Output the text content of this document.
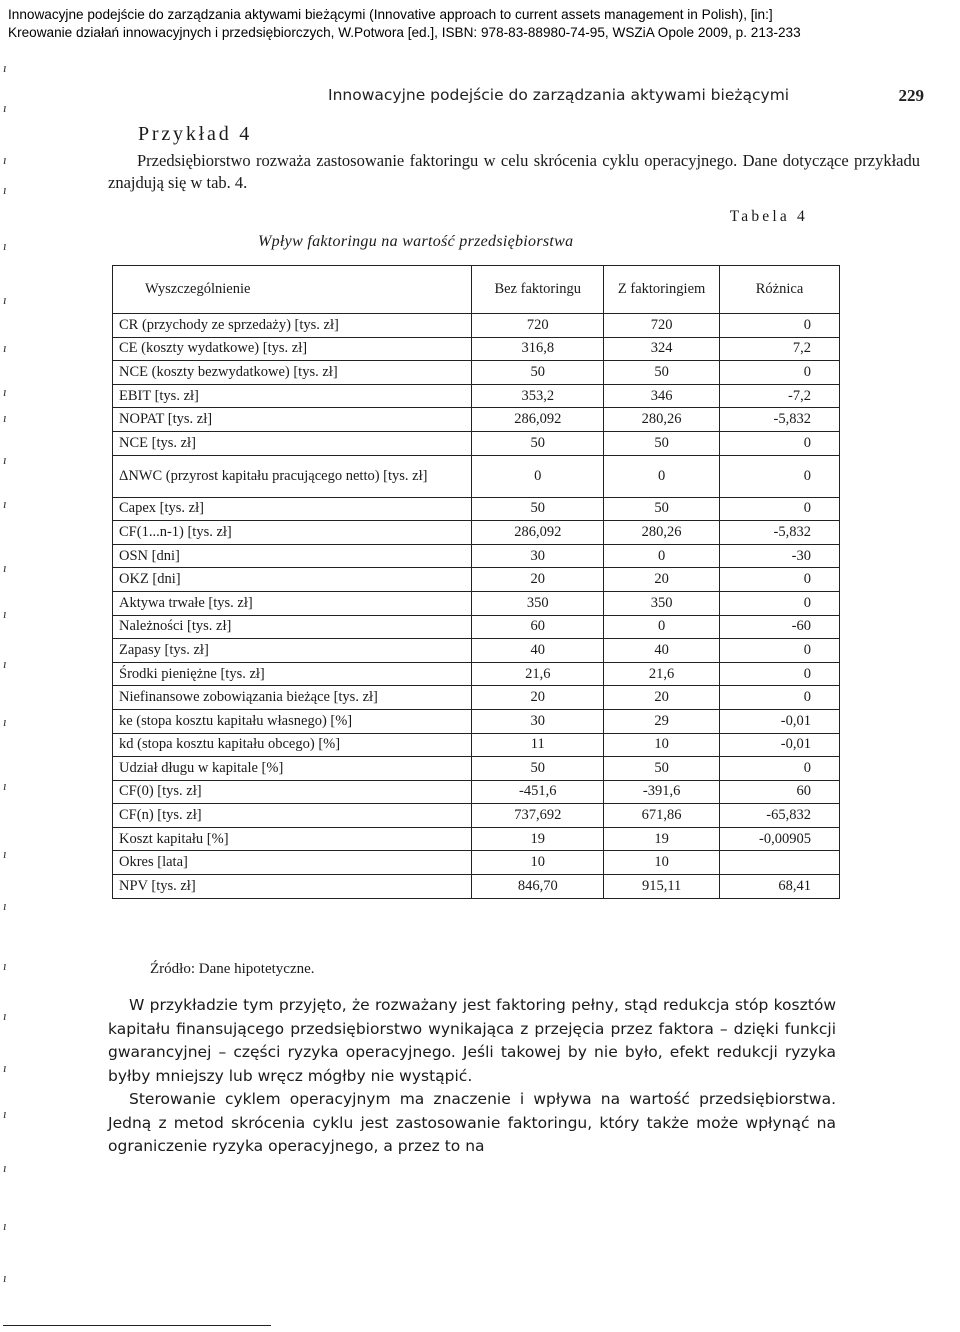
Innowacyjne podejście do zarządzania aktywami bieżącymi (Innovative approach to current assets management in Polish), [in:]
Kreowanie działań innowacyjnych i przedsiębiorczych, W.Potwora [ed.], ISBN: 978-83-88980-74-95, WSZiA Opole 2009, p. 213-233
ı
ı
ı
ı
ı
ı
ı
ı
ı
ı
ı
ı
ı
ı
ı
ı
ı
ı
ı
ı
ı
ı
ı
ı
ı
Innowacyjne podejście do zarządzania aktywami bieżącymi	229
Przykład 4
Przedsiębiorstwo rozważa zastosowanie faktoringu w celu skrócenia cyklu operacyjnego. Dane dotyczące przykładu znajdują się w tab. 4.
Tabela 4
Wpływ faktoringu na wartość przedsiębiorstwa
Wyszczególnienie	Bez faktoringu	Z faktoringiem	Różnica
CR (przychody ze sprzedaży) [tys. zł]	720	720	0
CE (koszty wydatkowe) [tys. zł]	316,8	324	7,2
NCE (koszty bezwydatkowe) [tys. zł]	50	50	0
EBIT [tys. zł]	353,2	346	-7,2
NOPAT [tys. zł]	286,092	280,26	-5,832
NCE [tys. zł]	50	50	0
ΔNWC (przyrost kapitału pracującego netto) [tys. zł]	0	0	0
Capex [tys. zł]	50	50	0
CF(1...n-1) [tys. zł]	286,092	280,26	-5,832
OSN [dni]	30	0	-30
OKZ [dni]	20	20	0
Aktywa trwałe [tys. zł]	350	350	0
Należności [tys. zł]	60	0	-60
Zapasy [tys. zł]	40	40	0
Środki pieniężne [tys. zł]	21,6	21,6	0
Niefinansowe zobowiązania bieżące [tys. zł]	20	20	0
ke (stopa kosztu kapitału własnego) [%]	30	29	-0,01
kd (stopa kosztu kapitału obcego) [%]	11	10	-0,01
Udział długu w kapitale [%]	50	50	0
CF(0) [tys. zł]	-451,6	-391,6	60
CF(n) [tys. zł]	737,692	671,86	-65,832
Koszt kapitału [%]	19	19	-0,00905
Okres [lata]	10	10	
NPV [tys. zł]	846,70	915,11	68,41
Źródło: Dane hipotetyczne.

W przykładzie tym przyjęto, że rozważany jest faktoring pełny, stąd redukcja stóp kosztów kapitału finansującego przedsiębiorstwo wynikająca z przejęcia przez faktora – dzięki funkcji gwarancyjnej – części ryzyka operacyjnego. Jeśli takowej by nie było, efekt redukcji ryzyka byłby mniejszy lub wręcz mógłby nie wystąpić.

Sterowanie cyklem operacyjnym ma znaczenie i wpływa na wartość przedsiębiorstwa. Jedną z metod skrócenia cyklu jest zastosowanie faktoringu, który także może wpłynąć na ograniczenie ryzyka operacyjnego, a przez to na
